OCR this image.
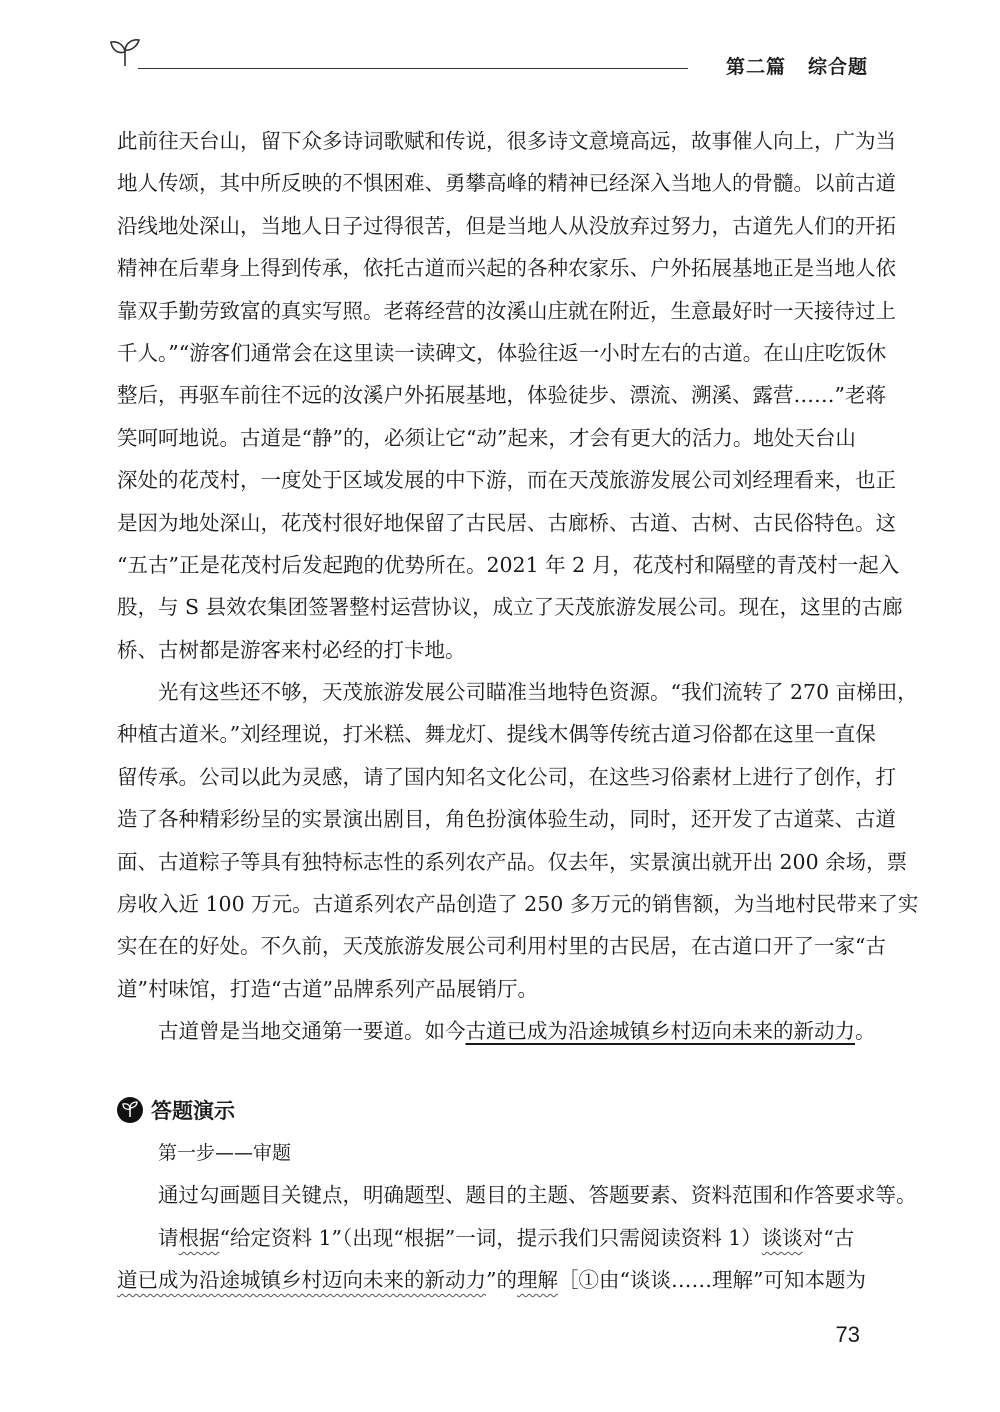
第二篇 综合题
此前往天台山，留下众多诗词歌赋和传说，很多诗文意境高远，故事催人向上，广为当
地人传颂，其中所反映的不惧困难、勇攀高峰的精神已经深入当地人的骨髓。以前古道
沿线地处深山，当地人日子过得很苦，但是当地人从没放弃过努力，古道先人们的开拓
精神在后辈身上得到传承，依托古道而兴起的各种农家乐、户外拓展基地正是当地人依
靠双手勤劳致富的真实写照。老蒋经营的汝溪山庄就在附近，生意最好时一天接待过上
千人。”“游客们通常会在这里读一读碑文，体验往返一小时左右的古道。在山庄吃饭休
整后，再驱车前往不远的汝溪户外拓展基地，体验徒步、漂流、溯溪、露营……”老蒋
笑呵呵地说。古道是“静”的，必须让它“动”起来，才会有更大的活力。地处天台山
深处的花茂村，一度处于区域发展的中下游，而在天茂旅游发展公司刘经理看来，也正
是因为地处深山，花茂村很好地保留了古民居、古廊桥、古道、古树、古民俗特色。这
“五古”正是花茂村后发起跑的优势所在。2021 年 2 月，花茂村和隔壁的青茂村一起入
股，与 S 县效农集团签署整村运营协议，成立了天茂旅游发展公司。现在，这里的古廊
桥、古树都是游客来村必经的打卡地。
光有这些还不够，天茂旅游发展公司瞄准当地特色资源。“我们流转了 270 亩梯田，
种植古道米。”刘经理说，打米糕、舞龙灯、提线木偶等传统古道习俗都在这里一直保
留传承。公司以此为灵感，请了国内知名文化公司，在这些习俗素材上进行了创作，打
造了各种精彩纷呈的实景演出剧目，角色扮演体验生动，同时，还开发了古道菜、古道
面、古道粽子等具有独特标志性的系列农产品。仅去年，实景演出就开出 200 余场，票
房收入近 100 万元。古道系列农产品创造了 250 多万元的销售额，为当地村民带来了实
实在在的好处。不久前，天茂旅游发展公司利用村里的古民居，在古道口开了一家“古
道”村味馆，打造“古道”品牌系列产品展销厅。
古道曾是当地交通第一要道。如今古道已成为沿途城镇乡村迈向未来的新动力。
答题演示
第一步——审题
通过勾画题目关键点，明确题型、题目的主题、答题要素、资料范围和作答要求等。
请根据“给定资料 1”（出现“根据”一词，提示我们只需阅读资料 1）谈谈对“古
道已成为沿途城镇乡村迈向未来的新动力”的理解［①由“谈谈……理解”可知本题为
73
